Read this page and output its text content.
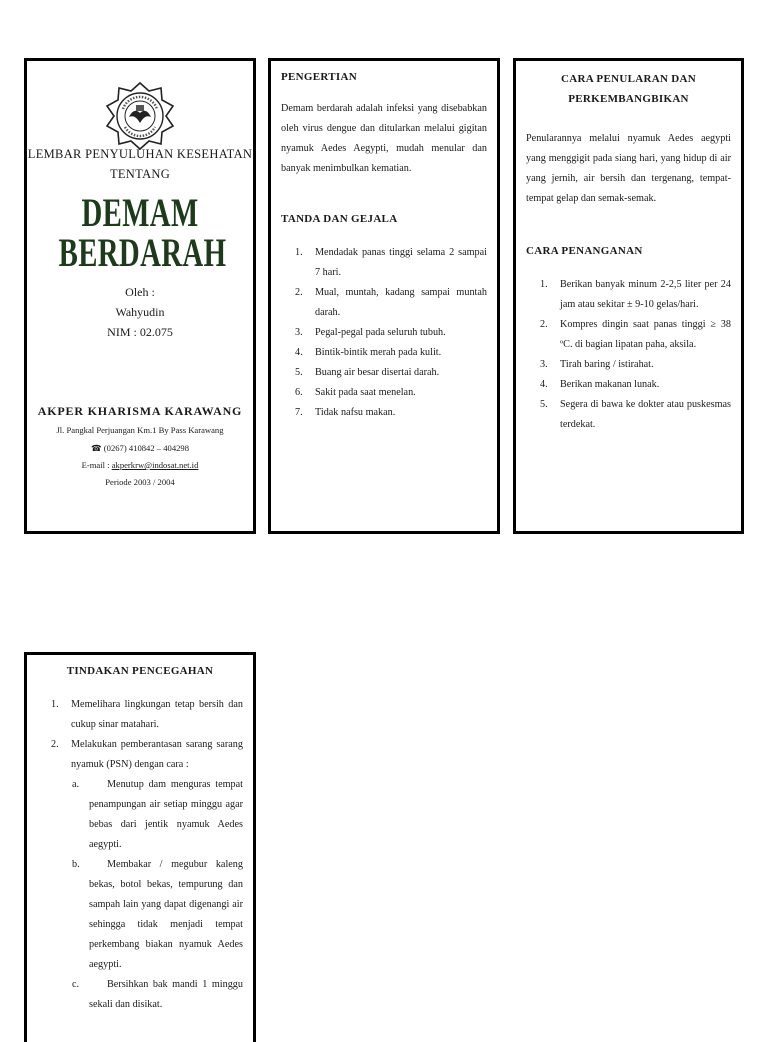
LEMBAR PENYULUHAN KESEHATAN
TENTANG
DEMAM BERDARAH
Oleh :
Wahyudin
NIM : 02.075
AKPER KHARISMA KARAWANG
Jl. Pangkal Perjuangan Km.1 By Pass Karawang
☎ (0267) 410842 – 404298
E-mail : akperkrw@indosat.net.id
Periode 2003 / 2004

PENGERTIAN

Demam berdarah adalah infeksi yang disebabkan oleh virus dengue dan ditularkan melalui gigitan nyamuk Aedes Aegypti, mudah menular dan banyak menimbulkan kematian.

TANDA DAN GEJALA

1. Mendadak panas tinggi selama 2 sampai 7 hari.
2. Mual, muntah, kadang sampai muntah darah.
3. Pegal-pegal pada seluruh tubuh.
4. Bintik-bintik merah pada kulit.
5. Buang air besar disertai darah.
6. Sakit pada saat menelan.
7. Tidak nafsu makan.

CARA PENULARAN DAN

PERKEMBANGBIKAN

Penularannya melalui nyamuk Aedes aegypti yang menggigit pada siang hari, yang hidup di air yang jernih, air bersih dan tergenang, tempat-tempat gelap dan semak-semak.

CARA PENANGANAN

1. Berikan banyak minum 2-2,5 liter per 24 jam atau sekitar ± 9-10 gelas/hari.
2. Kompres dingin saat panas tinggi ≥ 38 ºC. di bagian lipatan paha, aksila.
3. Tirah baring / istirahat.
4. Berikan makanan lunak.
5. Segera di bawa ke dokter atau puskesmas terdekat.

TINDAKAN PENCEGAHAN

1. Memelihara lingkungan tetap bersih dan cukup sinar matahari.
2. Melakukan pemberantasan sarang sarang nyamuk (PSN) dengan cara :
a.	Menutup dam menguras tempat penampungan air setiap minggu agar bebas dari jentik nyamuk Aedes aegypti.
b.	Membakar / megubur kaleng bekas, botol bekas, tempurung dan sampah lain yang dapat digenangi air sehingga tidak menjadi tempat perkembang biakan nyamuk Aedes aegypti.
c.	Bersihkan bak mandi 1 minggu sekali dan disikat.
